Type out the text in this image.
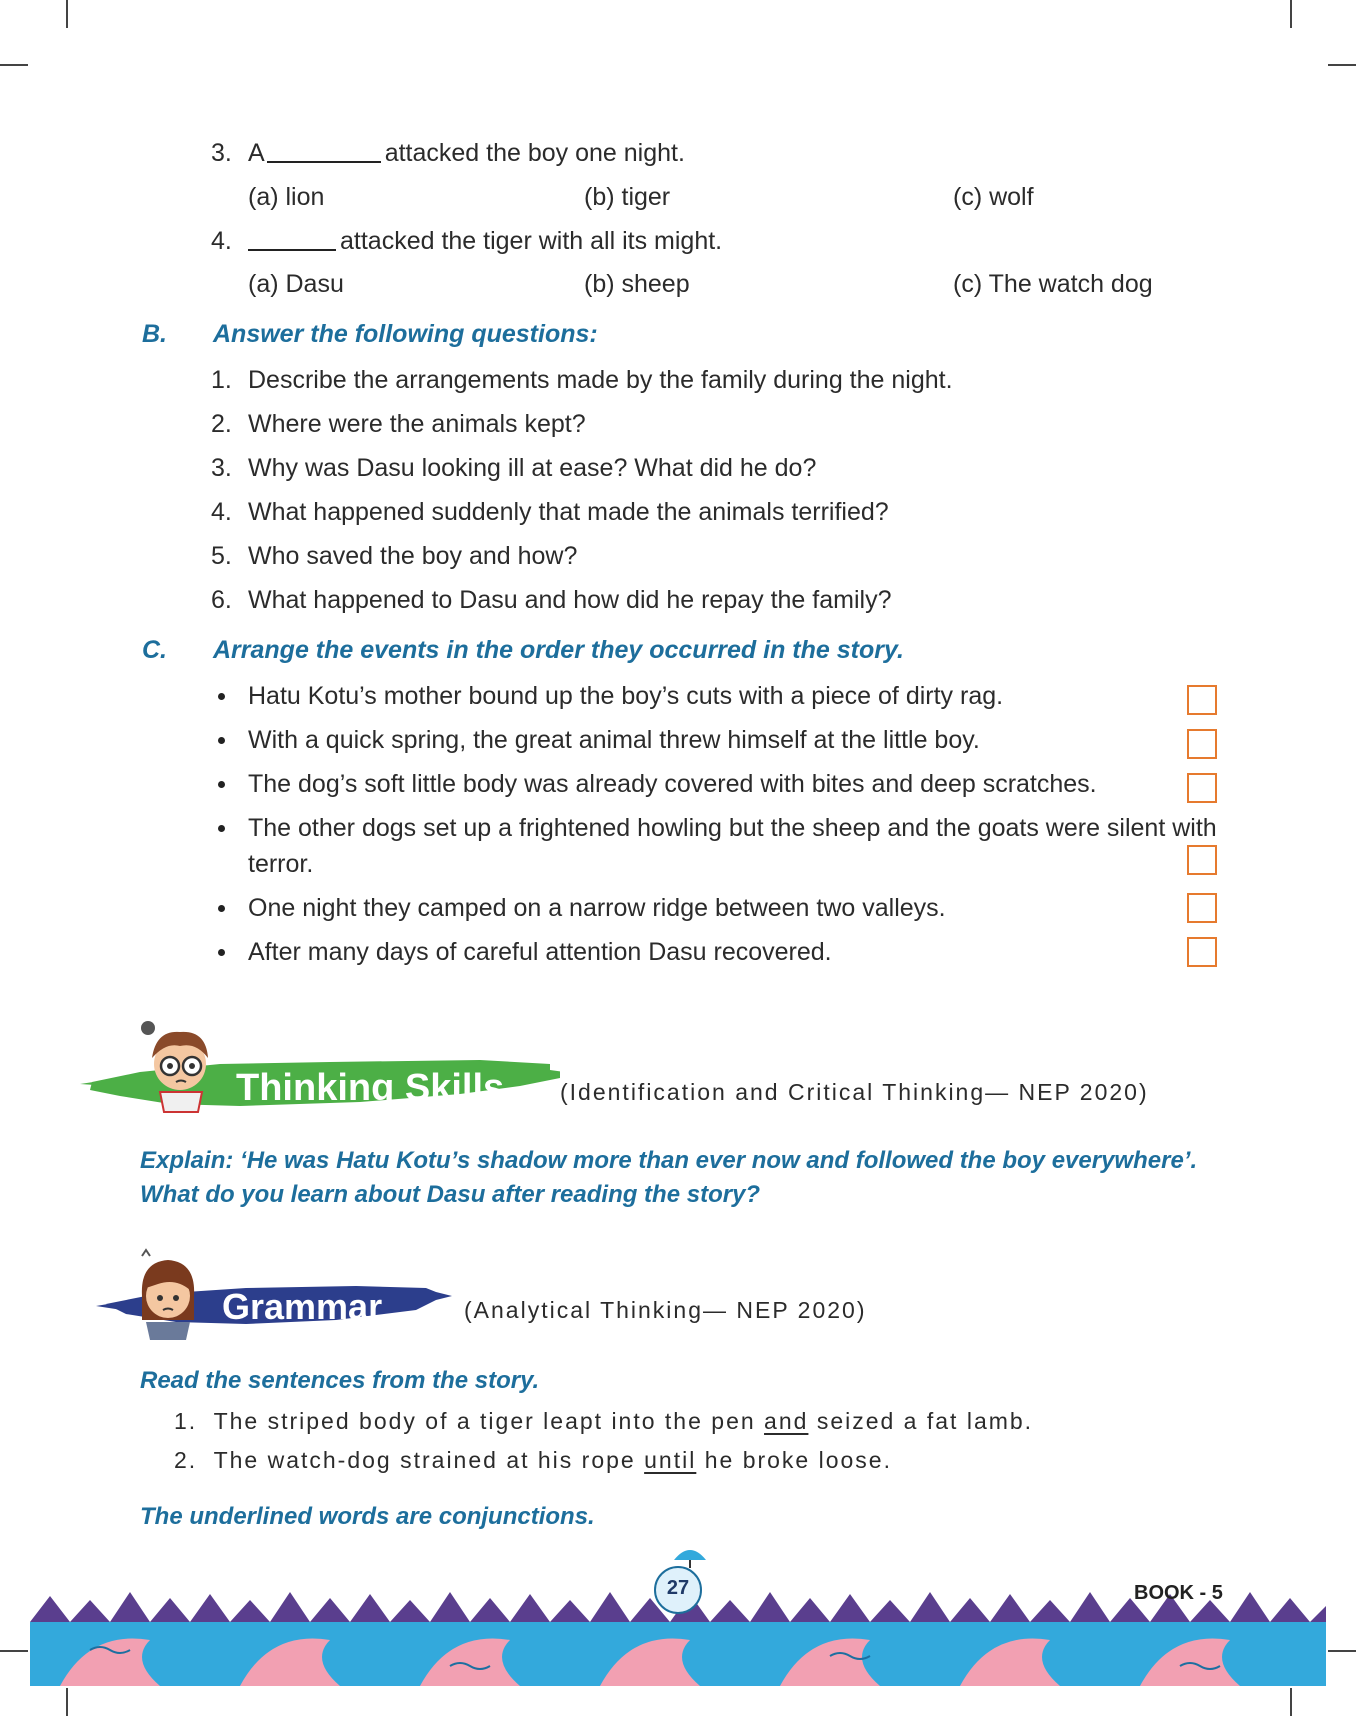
3. A	attacked the boy one night.
(a) lion	(b) tiger	(c) wolf
4.	attacked the tiger with all its might.
(a) Dasu	(b) sheep	(c) The watch dog
B. Answer the following questions:
1. Describe the arrangements made by the family during the night.
2. Where were the animals kept?
3. Why was Dasu looking ill at ease? What did he do?
4. What happened suddenly that made the animals terrified?
5. Who saved the boy and how?
6. What happened to Dasu and how did he repay the family?
C. Arrange the events in the order they occurred in the story.
Hatu Kotu’s mother bound up the boy’s cuts with a piece of dirty rag.
With a quick spring, the great animal threw himself at the little boy.
The dog’s soft little body was already covered with bites and deep scratches.
The other dogs set up a frightened howling but the sheep and the goats were silent with
terror.
One night they camped on a narrow ridge between two valleys.
After many days of careful attention Dasu recovered.
Thinking Skills (Identification and Critical Thinking— NEP 2020)
Explain: ‘He was Hatu Kotu’s shadow more than ever now and followed the boy everywhere’.
What do you learn about Dasu after reading the story?
Grammar	(Analytical Thinking— NEP 2020)
Read the sentences from the story.
1. The striped body of a tiger leapt into the pen and seized a fat lamb.
2. The watch-dog strained at his rope until he broke loose.
The underlined words are conjunctions.
27	BOOK - 5
